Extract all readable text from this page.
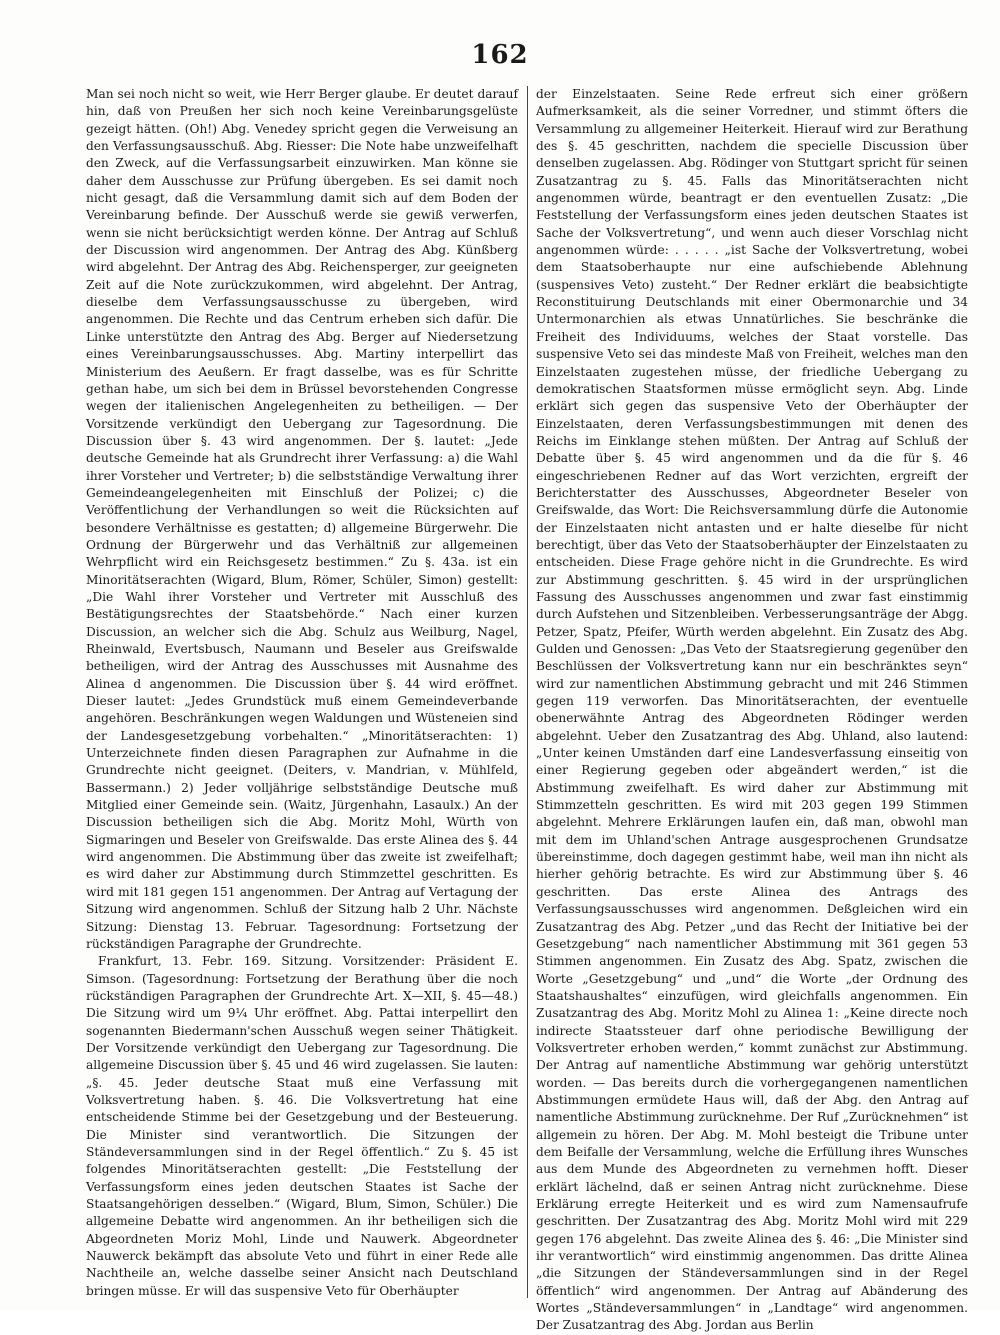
162

Man sei noch nicht so weit, wie Herr Berger glaube. Er deutet darauf hin, daß von Preußen her sich noch keine Vereinbarungsgelüste gezeigt hätten. (Oh!) Abg. Venedey spricht gegen die Verweisung an den Verfassungsausschuß. Abg. Riesser: Die Note habe unzweifelhaft den Zweck, auf die Verfassungsarbeit einzuwirken. Man könne sie daher dem Ausschusse zur Prüfung übergeben. Es sei damit noch nicht gesagt, daß die Versammlung damit sich auf dem Boden der Vereinbarung befinde. Der Ausschuß werde sie gewiß verwerfen, wenn sie nicht berücksichtigt werden könne. Der Antrag auf Schluß der Discussion wird angenommen. Der Antrag des Abg. Künßberg wird abgelehnt. Der Antrag des Abg. Reichensperger, zur geeigneten Zeit auf die Note zurückzukommen, wird abgelehnt. Der Antrag, dieselbe dem Verfassungsausschusse zu übergeben, wird angenommen. Die Rechte und das Centrum erheben sich dafür. Die Linke unterstützte den Antrag des Abg. Berger auf Niedersetzung eines Vereinbarungsausschusses. Abg. Martiny interpellirt das Ministerium des Aeußern. Er fragt dasselbe, was es für Schritte gethan habe, um sich bei dem in Brüssel bevorstehenden Congresse wegen der italienischen Angelegenheiten zu betheiligen. — Der Vorsitzende verkündigt den Uebergang zur Tagesordnung. Die Discussion über §. 43 wird angenommen. Der §. lautet: „Jede deutsche Gemeinde hat als Grundrecht ihrer Verfassung: a) die Wahl ihrer Vorsteher und Vertreter; b) die selbstständige Verwaltung ihrer Gemeindeangelegenheiten mit Einschluß der Polizei; c) die Veröffentlichung der Verhandlungen so weit die Rücksichten auf besondere Verhältnisse es gestatten; d) allgemeine Bürgerwehr. Die Ordnung der Bürgerwehr und das Verhältniß zur allgemeinen Wehrpflicht wird ein Reichsgesetz bestimmen.“ Zu §. 43a. ist ein Minoritätserachten (Wigard, Blum, Römer, Schüler, Simon) gestellt: „Die Wahl ihrer Vorsteher und Vertreter mit Ausschluß des Bestätigungsrechtes der Staatsbehörde.“ Nach einer kurzen Discussion, an welcher sich die Abg. Schulz aus Weilburg, Nagel, Rheinwald, Evertsbusch, Naumann und Beseler aus Greifswalde betheiligen, wird der Antrag des Ausschusses mit Ausnahme des Alinea d angenommen. Die Discussion über §. 44 wird eröffnet. Dieser lautet: „Jedes Grundstück muß einem Gemeindeverbande angehören. Beschränkungen wegen Waldungen und Wüsteneien sind der Landesgesetzgebung vorbehalten.“ „Minoritätserachten: 1) Unterzeichnete finden diesen Paragraphen zur Aufnahme in die Grundrechte nicht geeignet. (Deiters, v. Mandrian, v. Mühlfeld, Bassermann.) 2) Jeder volljährige selbstständige Deutsche muß Mitglied einer Gemeinde sein. (Waitz, Jürgenhahn, Lasaulx.) An der Discussion betheiligen sich die Abg. Moritz Mohl, Würth von Sigmaringen und Beseler von Greifswalde. Das erste Alinea des §. 44 wird angenommen. Die Abstimmung über das zweite ist zweifelhaft; es wird daher zur Abstimmung durch Stimmzettel geschritten. Es wird mit 181 gegen 151 angenommen. Der Antrag auf Vertagung der Sitzung wird angenommen. Schluß der Sitzung halb 2 Uhr. Nächste Sitzung: Dienstag 13. Februar. Tagesordnung: Fortsetzung der rückständigen Paragraphe der Grundrechte.

Frankfurt, 13. Febr. 169. Sitzung. Vorsitzender: Präsident E. Simson. (Tagesordnung: Fortsetzung der Berathung über die noch rückständigen Paragraphen der Grundrechte Art. X—XII, §. 45—48.) Die Sitzung wird um 9¼ Uhr eröffnet. Abg. Pattai interpellirt den sogenannten Biedermann'schen Ausschuß wegen seiner Thätigkeit. Der Vorsitzende verkündigt den Uebergang zur Tagesordnung. Die allgemeine Discussion über §. 45 und 46 wird zugelassen. Sie lauten: „§. 45. Jeder deutsche Staat muß eine Verfassung mit Volksvertretung haben. §. 46. Die Volksvertretung hat eine entscheidende Stimme bei der Gesetzgebung und der Besteuerung. Die Minister sind verantwortlich. Die Sitzungen der Ständeversammlungen sind in der Regel öffentlich.“ Zu §. 45 ist folgendes Minoritätserachten gestellt: „Die Feststellung der Verfassungsform eines jeden deutschen Staates ist Sache der Staatsangehörigen desselben.“ (Wigard, Blum, Simon, Schüler.) Die allgemeine Debatte wird angenommen. An ihr betheiligen sich die Abgeordneten Moriz Mohl, Linde und Nauwerk. Abgeordneter Nauwerck bekämpft das absolute Veto und führt in einer Rede alle Nachtheile an, welche dasselbe seiner Ansicht nach Deutschland bringen müsse. Er will das suspensive Veto für Oberhäupter

der Einzelstaaten. Seine Rede erfreut sich einer größern Aufmerksamkeit, als die seiner Vorredner, und stimmt öfters die Versammlung zu allgemeiner Heiterkeit. Hierauf wird zur Berathung des §. 45 geschritten, nachdem die specielle Discussion über denselben zugelassen. Abg. Rödinger von Stuttgart spricht für seinen Zusatzantrag zu §. 45. Falls das Minoritätserachten nicht angenommen würde, beantragt er den eventuellen Zusatz: „Die Feststellung der Verfassungsform eines jeden deutschen Staates ist Sache der Volksvertretung“, und wenn auch dieser Vorschlag nicht angenommen würde: . . . . . „ist Sache der Volksvertretung, wobei dem Staatsoberhaupte nur eine aufschiebende Ablehnung (suspensives Veto) zusteht.“ Der Redner erklärt die beabsichtigte Reconstituirung Deutschlands mit einer Obermonarchie und 34 Untermonarchien als etwas Unnatürliches. Sie beschränke die Freiheit des Individuums, welches der Staat vorstelle. Das suspensive Veto sei das mindeste Maß von Freiheit, welches man den Einzelstaaten zugestehen müsse, der friedliche Uebergang zu demokratischen Staatsformen müsse ermöglicht seyn. Abg. Linde erklärt sich gegen das suspensive Veto der Oberhäupter der Einzelstaaten, deren Verfassungsbestimmungen mit denen des Reichs im Einklange stehen müßten. Der Antrag auf Schluß der Debatte über §. 45 wird angenommen und da die für §. 46 eingeschriebenen Redner auf das Wort verzichten, ergreift der Berichterstatter des Ausschusses, Abgeordneter Beseler von Greifswalde, das Wort: Die Reichsversammlung dürfe die Autonomie der Einzelstaaten nicht antasten und er halte dieselbe für nicht berechtigt, über das Veto der Staatsoberhäupter der Einzelstaaten zu entscheiden. Diese Frage gehöre nicht in die Grundrechte. Es wird zur Abstimmung geschritten. §. 45 wird in der ursprünglichen Fassung des Ausschusses angenommen und zwar fast einstimmig durch Aufstehen und Sitzenbleiben. Verbesserungsanträge der Abgg. Petzer, Spatz, Pfeifer, Würth werden abgelehnt. Ein Zusatz des Abg. Gulden und Genossen: „Das Veto der Staatsregierung gegenüber den Beschlüssen der Volksvertretung kann nur ein beschränktes seyn“ wird zur namentlichen Abstimmung gebracht und mit 246 Stimmen gegen 119 verworfen. Das Minoritätserachten, der eventuelle obenerwähnte Antrag des Abgeordneten Rödinger werden abgelehnt. Ueber den Zusatzantrag des Abg. Uhland, also lautend: „Unter keinen Umständen darf eine Landesverfassung einseitig von einer Regierung gegeben oder abgeändert werden,“ ist die Abstimmung zweifelhaft. Es wird daher zur Abstimmung mit Stimmzetteln geschritten. Es wird mit 203 gegen 199 Stimmen abgelehnt. Mehrere Erklärungen laufen ein, daß man, obwohl man mit dem im Uhland'schen Antrage ausgesprochenen Grundsatze übereinstimme, doch dagegen gestimmt habe, weil man ihn nicht als hierher gehörig betrachte. Es wird zur Abstimmung über §. 46 geschritten. Das erste Alinea des Antrags des Verfassungsausschusses wird angenommen. Deßgleichen wird ein Zusatzantrag des Abg. Petzer „und das Recht der Initiative bei der Gesetzgebung“ nach namentlicher Abstimmung mit 361 gegen 53 Stimmen angenommen. Ein Zusatz des Abg. Spatz, zwischen die Worte „Gesetzgebung“ und „und“ die Worte „der Ordnung des Staatshaushaltes“ einzufügen, wird gleichfalls angenommen. Ein Zusatzantrag des Abg. Moritz Mohl zu Alinea 1: „Keine directe noch indirecte Staatssteuer darf ohne periodische Bewilligung der Volksvertreter erhoben werden,“ kommt zunächst zur Abstimmung. Der Antrag auf namentliche Abstimmung war gehörig unterstützt worden. — Das bereits durch die vorhergegangenen namentlichen Abstimmungen ermüdete Haus will, daß der Abg. den Antrag auf namentliche Abstimmung zurücknehme. Der Ruf „Zurücknehmen“ ist allgemein zu hören. Der Abg. M. Mohl besteigt die Tribune unter dem Beifalle der Versammlung, welche die Erfüllung ihres Wunsches aus dem Munde des Abgeordneten zu vernehmen hofft. Dieser erklärt lächelnd, daß er seinen Antrag nicht zurücknehme. Diese Erklärung erregte Heiterkeit und es wird zum Namensaufrufe geschritten. Der Zusatzantrag des Abg. Moritz Mohl wird mit 229 gegen 176 abgelehnt. Das zweite Alinea des §. 46: „Die Minister sind ihr verantwortlich“ wird einstimmig angenommen. Das dritte Alinea „die Sitzungen der Ständeversammlungen sind in der Regel öffentlich“ wird angenommen. Der Antrag auf Abänderung des Wortes „Ständeversammlungen“ in „Landtage“ wird angenommen. Der Zusatzantrag des Abg. Jordan aus Berlin
